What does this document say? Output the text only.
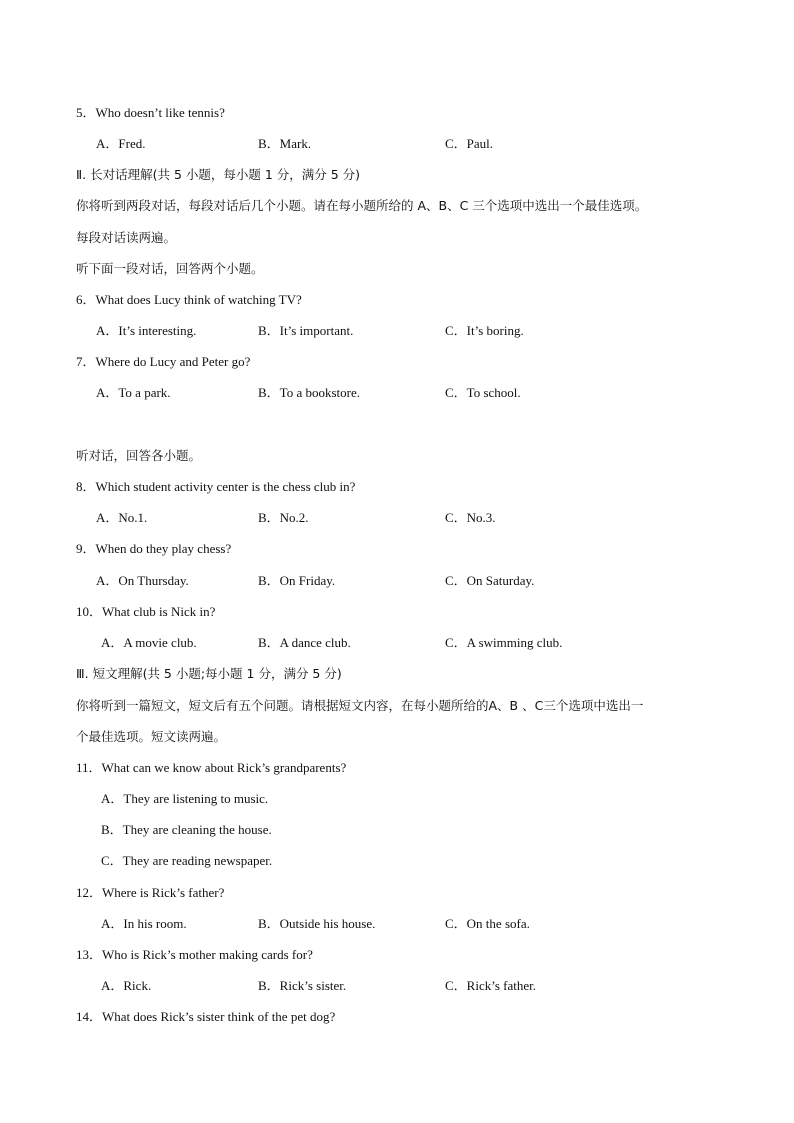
5．Who doesn’t like tennis?
A．Fred.	B．Mark.	C．Paul.
Ⅱ. 长对话理解(共 5 小题，每小题 1 分，满分 5 分)
你将听到两段对话，每段对话后几个小题。请在每小题所给的 A、B、C 三个选项中选出一个最佳选项。
每段对话读两遍。
听下面一段对话，回答两个小题。
6．What does Lucy think of watching TV?
A．It’s interesting.	B．It’s important.	C．It’s boring.
7．Where do Lucy and Peter go?
A．To a park.	B．To a bookstore.	C．To school.
听对话，回答各小题。
8．Which student activity center is the chess club in?
A．No.1.	B．No.2.	C．No.3.
9．When do they play chess?
A．On Thursday.	B．On Friday.	C．On Saturday.
10．What club is Nick in?
A．A movie club.	B．A dance club.	C．A swimming club.
Ⅲ. 短文理解(共 5 小题;每小题 1 分，满分 5 分)
你将听到一篇短文，短文后有五个问题。请根据短文内容，在每小题所给的A、B 、C三个选项中选出一
个最佳选项。短文读两遍。
11．What can we know about Rick’s grandparents?
A．They are listening to music.
B．They are cleaning the house.
C．They are reading newspaper.
12．Where is Rick’s father?
A．In his room.	B．Outside his house.	C．On the sofa.
13．Who is Rick’s mother making cards for?
A．Rick.	B．Rick’s sister.	C．Rick’s father.
14．What does Rick’s sister think of the pet dog?
